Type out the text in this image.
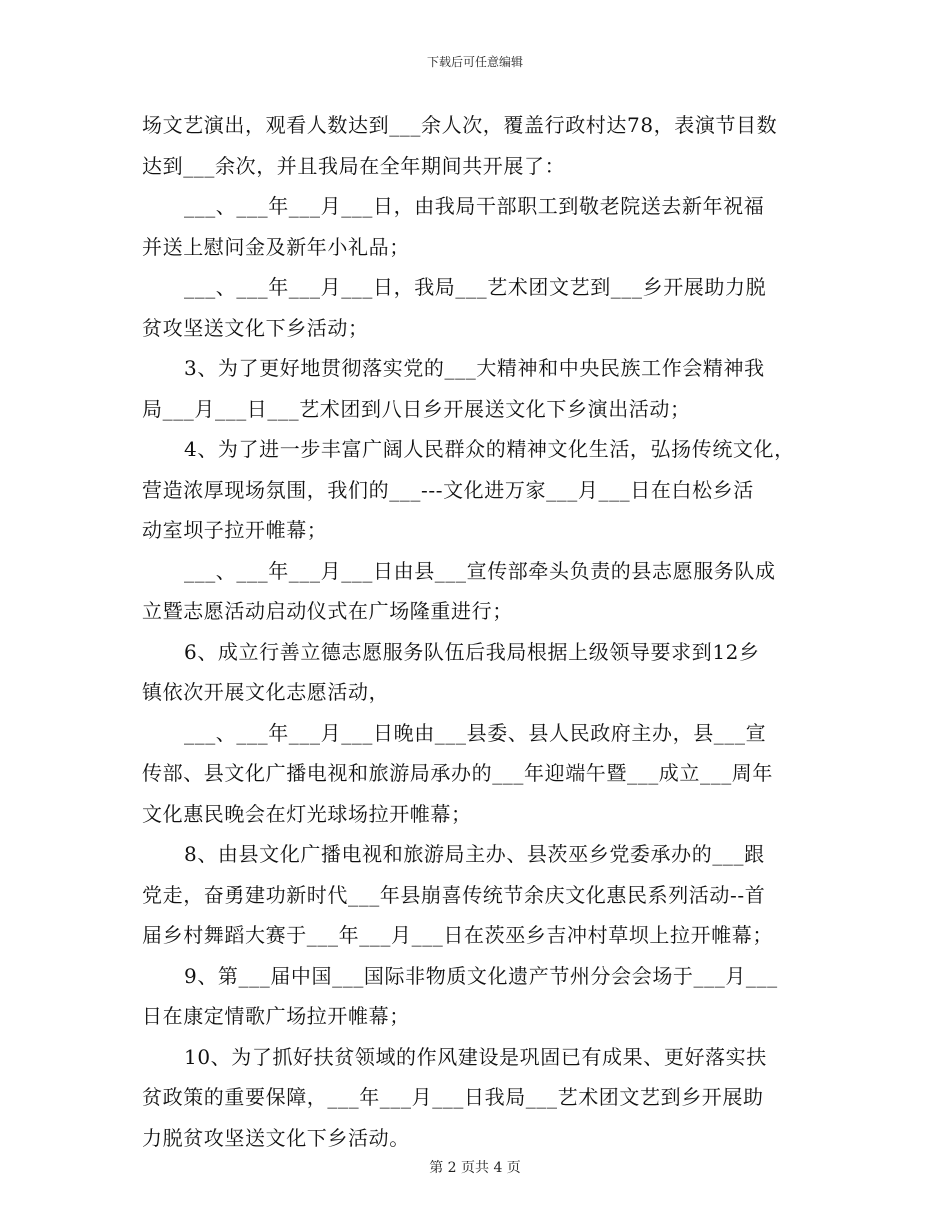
下载后可任意编辑
场文艺演出，观看人数达到___余人次，覆盖行政村达78，表演节目数
达到___余次，并且我局在全年期间共开展了：
___、___年___月___日，由我局干部职工到敬老院送去新年祝福
并送上慰问金及新年小礼品；
___、___年___月___日，我局___艺术团文艺到___乡开展助力脱
贫攻坚送文化下乡活动；
3、为了更好地贯彻落实党的___大精神和中央民族工作会精神我
局___月___日___艺术团到八日乡开展送文化下乡演出活动；
4、为了进一步丰富广阔人民群众的精神文化生活，弘扬传统文化，
营造浓厚现场氛围，我们的___---文化进万家___月___日在白松乡活
动室坝子拉开帷幕；
___、___年___月___日由县___宣传部牵头负责的县志愿服务队成
立暨志愿活动启动仪式在广场隆重进行；
6、成立行善立德志愿服务队伍后我局根据上级领导要求到12乡
镇依次开展文化志愿活动，
___、___年___月___日晚由___县委、县人民政府主办，县___宣
传部、县文化广播电视和旅游局承办的___年迎端午暨___成立___周年
文化惠民晚会在灯光球场拉开帷幕；
8、由县文化广播电视和旅游局主办、县茨巫乡党委承办的___跟
党走，奋勇建功新时代___年县崩喜传统节余庆文化惠民系列活动--首
届乡村舞蹈大赛于___年___月___日在茨巫乡吉冲村草坝上拉开帷幕；
9、第___届中国___国际非物质文化遗产节州分会会场于___月___
日在康定情歌广场拉开帷幕；
10、为了抓好扶贫领域的作风建设是巩固已有成果、更好落实扶
贫政策的重要保障，___年___月___日我局___艺术团文艺到乡开展助
力脱贫攻坚送文化下乡活动。
第 2 页共 4 页
